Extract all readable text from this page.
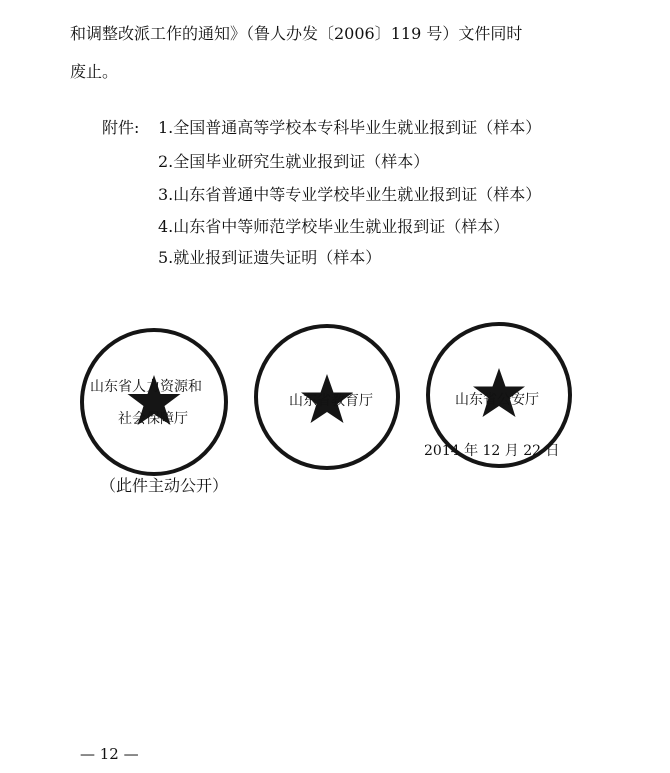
和调整改派工作的通知》（鲁人办发〔2006〕119 号）文件同时
废止。
附件: 1.全国普通高等学校本专科毕业生就业报到证（样本）
2.全国毕业研究生就业报到证（样本）
3.山东省普通中等专业学校毕业生就业报到证（样本）
4.山东省中等师范学校毕业生就业报到证（样本）
5.就业报到证遗失证明（样本）
山东省人力资源和
社会保障厅
山东省教育厅	山东省公安厅
2014 年 12 月 22 日
（此件主动公开）
— 12 —
